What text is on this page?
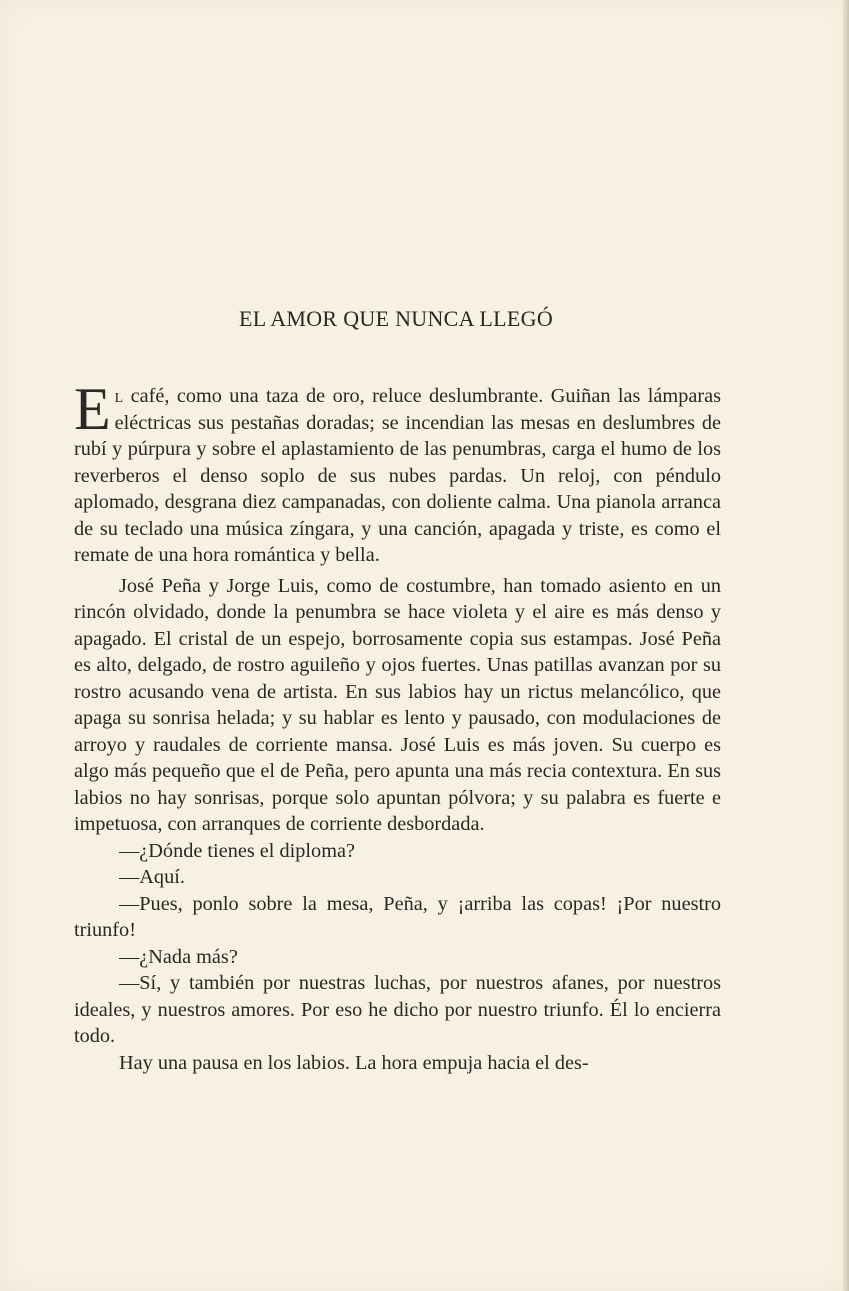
EL AMOR QUE NUNCA LLEGÓ

E l café, como una taza de oro, reluce deslumbrante. Guiñan las lámparas eléctricas sus pestañas doradas; se incendian las mesas en deslumbres de rubí y púrpura y sobre el aplastamiento de las penumbras, carga el humo de los reverberos el denso soplo de sus nubes pardas. Un reloj, con péndulo aplomado, desgrana diez campanadas, con doliente calma. Una pianola arranca de su teclado una música zíngara, y una canción, apagada y triste, es como el remate de una hora romántica y bella.

José Peña y Jorge Luis, como de costumbre, han tomado asiento en un rincón olvidado, donde la penumbra se hace violeta y el aire es más denso y apagado. El cristal de un espejo, borrosamente copia sus estampas. José Peña es alto, delgado, de rostro aguileño y ojos fuertes. Unas patillas avanzan por su rostro acusando vena de artista. En sus labios hay un rictus melancólico, que apaga su sonrisa helada; y su hablar es lento y pausado, con modulaciones de arroyo y raudales de corriente mansa. José Luis es más joven. Su cuerpo es algo más pequeño que el de Peña, pero apunta una más recia contextura. En sus labios no hay sonrisas, porque solo apuntan pólvora; y su palabra es fuerte e impetuosa, con arranques de corriente desbordada.

—¿Dónde tienes el diploma?

—Aquí.

—Pues, ponlo sobre la mesa, Peña, y ¡arriba las copas! ¡Por nuestro triunfo!

—¿Nada más?

—Sí, y también por nuestras luchas, por nuestros afanes, por nuestros ideales, y nuestros amores. Por eso he dicho por nuestro triunfo. Él lo encierra todo.

Hay una pausa en los labios. La hora empuja hacia el des-
